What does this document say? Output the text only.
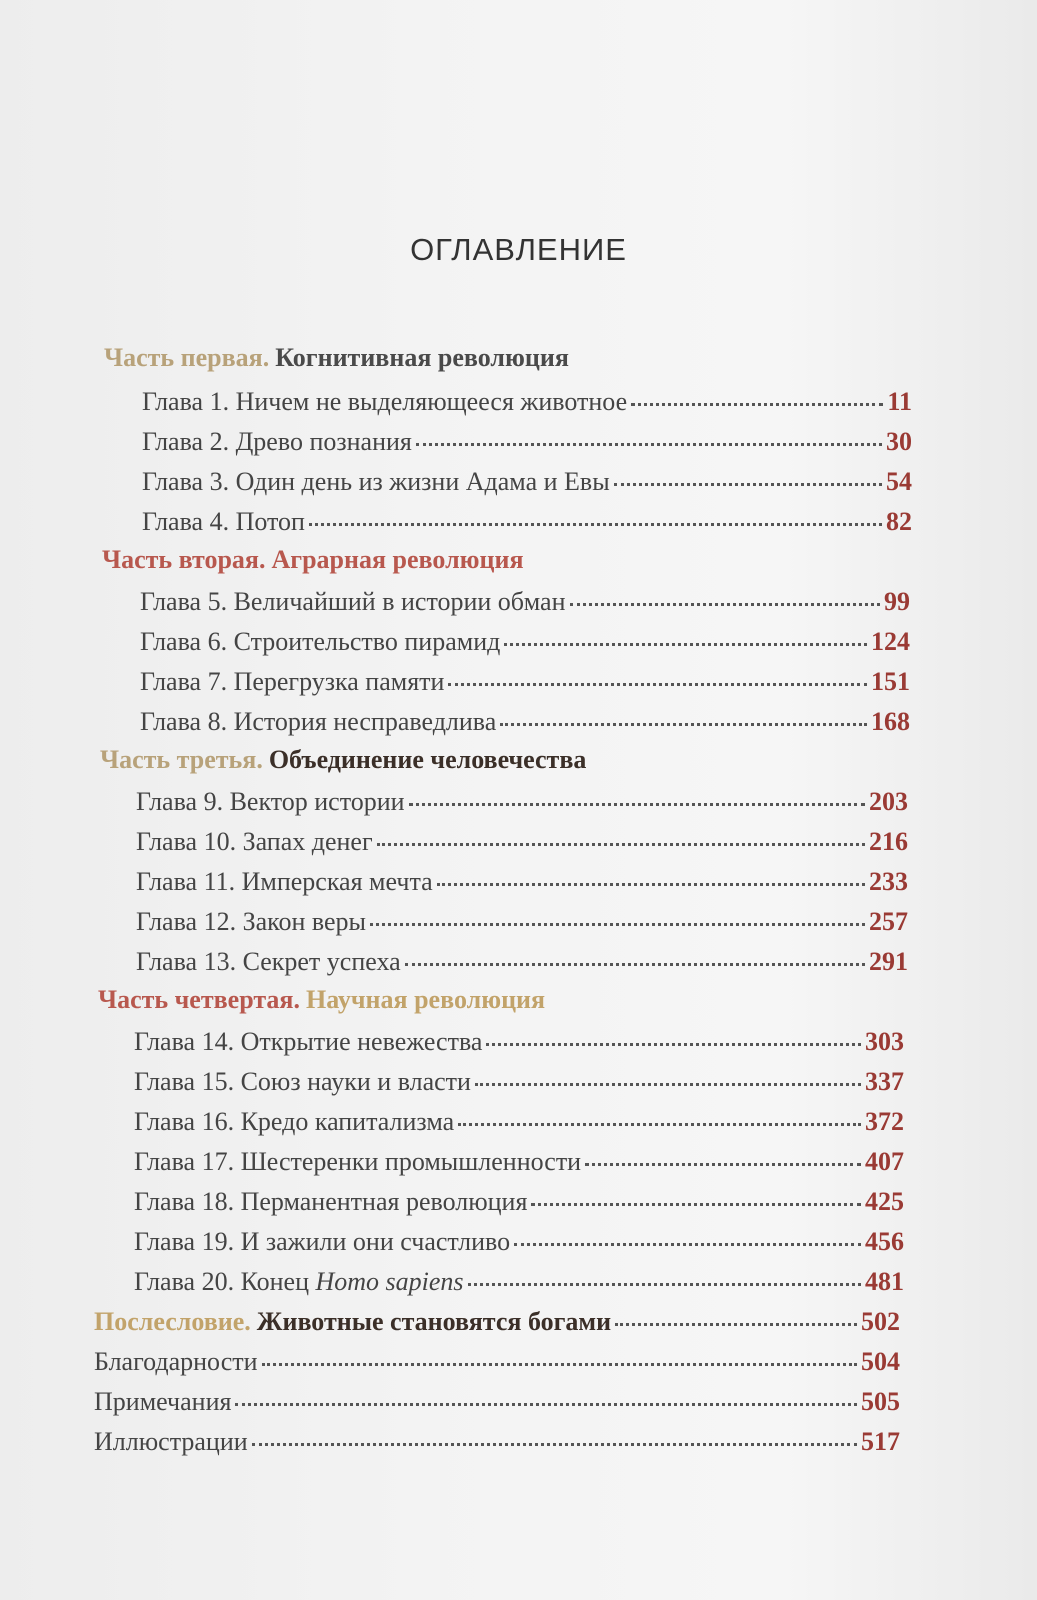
ОГЛАВЛЕНИЕ
Часть первая. Когнитивная революция
Глава 1. Ничем не выделяющееся животное	11
Глава 2. Древо познания	30
Глава 3. Один день из жизни Адама и Евы	54
Глава 4. Потоп	82
Часть вторая. Аграрная революция
Глава 5. Величайший в истории обман	99
Глава 6. Строительство пирамид	124
Глава 7. Перегрузка памяти	151
Глава 8. История несправедлива	168
Часть третья. Объединение человечества
Глава 9. Вектор истории	203
Глава 10. Запах денег	216
Глава 11. Имперская мечта	233
Глава 12. Закон веры	257
Глава 13. Секрет успеха	291
Часть четвертая. Научная революция
Глава 14. Открытие невежества	303
Глава 15. Союз науки и власти	337
Глава 16. Кредо капитализма	372
Глава 17. Шестеренки промышленности	407
Глава 18. Перманентная революция	425
Глава 19. И зажили они счастливо	456
Глава 20. Конец Homo sapiens	481
Послесловие. Животные становятся богами	502
Благодарности	504
Примечания	505
Иллюстрации	517
